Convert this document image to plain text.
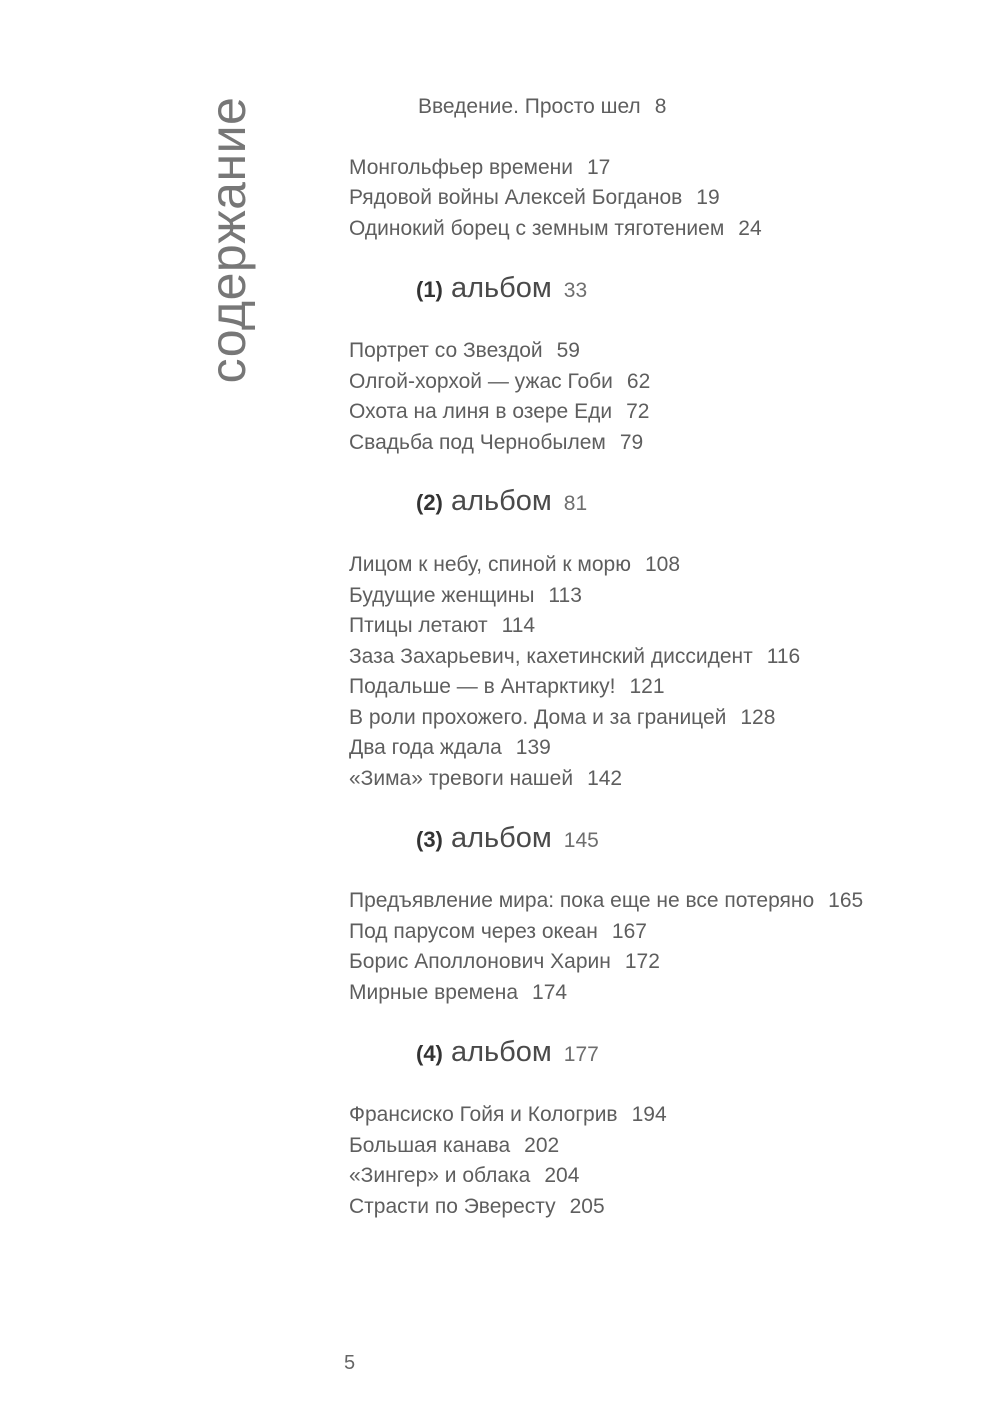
содержание	Введение. Просто шел 8
Монгольфьер времени 17
Рядовой войны Алексей Богданов 19
Одинокий борец с земным тяготением 24
(1) альбом 33
Портрет со Звездой 59
Олгой-хорхой — ужас Гоби 62
Охота на линя в озере Еди 72
Свадьба под Чернобылем 79
(2) альбом 81
Лицом к небу, спиной к морю 108
Будущие женщины 113
Птицы летают 114
Заза Захарьевич, кахетинский диссидент 116
Подальше — в Антарктику! 121
В роли прохожего. Дома и за границей 128
Два года ждала 139
«Зима» тревоги нашей 142
(3) альбом 145
Предъявление мира: пока еще не все потеряно 165
Под парусом через океан 167
Борис Аполлонович Харин 172
Мирные времена 174
(4) альбом 177
Франсиско Гойя и Кологрив 194
Большая канава 202
«Зингер» и облака 204
Страсти по Эвересту 205
5
